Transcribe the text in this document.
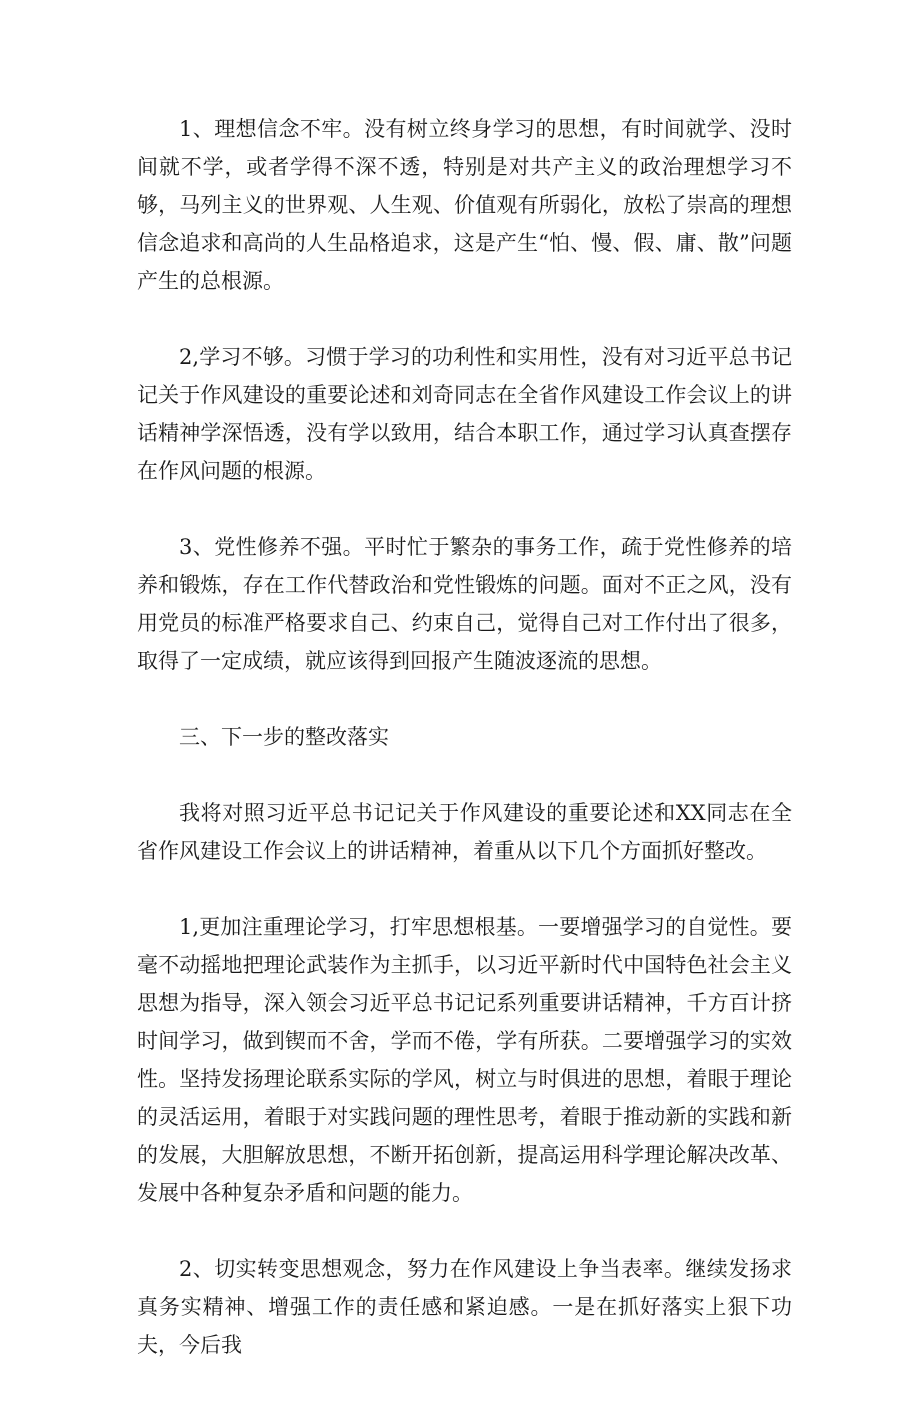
1、理想信念不牢。没有树立终身学习的思想，有时间就学、没时间就不学，或者学得不深不透，特别是对共产主义的政治理想学习不够，马列主义的世界观、人生观、价值观有所弱化，放松了崇高的理想信念追求和高尚的人生品格追求，这是产生“怕、慢、假、庸、散”问题产生的总根源。

2,学习不够。习惯于学习的功利性和实用性，没有对习近平总书记记关于作风建设的重要论述和刘奇同志在全省作风建设工作会议上的讲话精神学深悟透，没有学以致用，结合本职工作，通过学习认真查摆存在作风问题的根源。

3、党性修养不强。平时忙于繁杂的事务工作，疏于党性修养的培养和锻炼，存在工作代替政治和党性锻炼的问题。面对不正之风，没有用党员的标准严格要求自己、约束自己，觉得自己对工作付出了很多，取得了一定成绩，就应该得到回报产生随波逐流的思想。

三、下一步的整改落实

我将对照习近平总书记记关于作风建设的重要论述和XX同志在全省作风建设工作会议上的讲话精神，着重从以下几个方面抓好整改。

1,更加注重理论学习，打牢思想根基。一要增强学习的自觉性。要毫不动摇地把理论武装作为主抓手，以习近平新时代中国特色社会主义思想为指导，深入领会习近平总书记记系列重要讲话精神，千方百计挤时间学习，做到锲而不舍，学而不倦，学有所获。二要增强学习的实效性。坚持发扬理论联系实际的学风，树立与时俱进的思想，着眼于理论的灵活运用，着眼于对实践问题的理性思考，着眼于推动新的实践和新的发展，大胆解放思想，不断开拓创新，提高运用科学理论解决改革、发展中各种复杂矛盾和问题的能力。

2、切实转变思想观念，努力在作风建设上争当表率。继续发扬求真务实精神、增强工作的责任感和紧迫感。一是在抓好落实上狠下功夫，今后我
